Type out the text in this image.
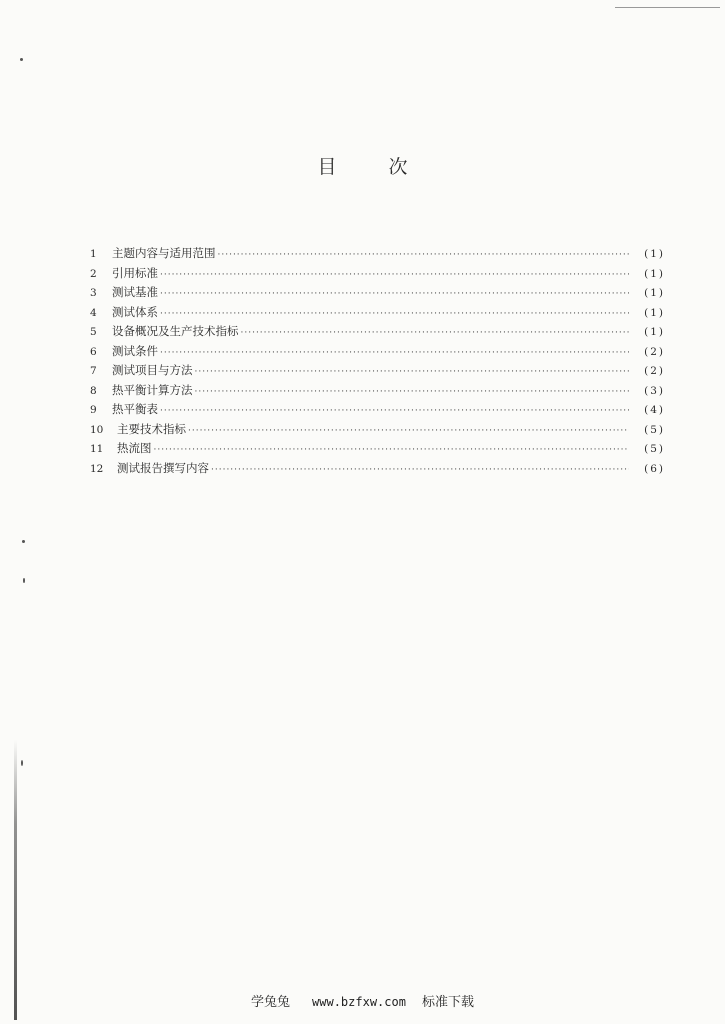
目	次
1	主题内容与适用范围 ·····	(1)
2	引用标准 ·····	(1)
3	测试基准 ·····	(1)
4	测试体系 ·····	(1)
5	设备概况及生产技术指标 ·····	(1)
6	测试条件 ·····	(2)
7	测试项目与方法 ·····	(2)
8	热平衡计算方法 ·····	(3)
9	热平衡表 ·····	(4)
10	主要技术指标 ·····	(5)
11	热流图 ·····	(5)
12	测试报告撰写内容 ·····	(6)
学兔兔 www.bzfxw.com 标准下载
